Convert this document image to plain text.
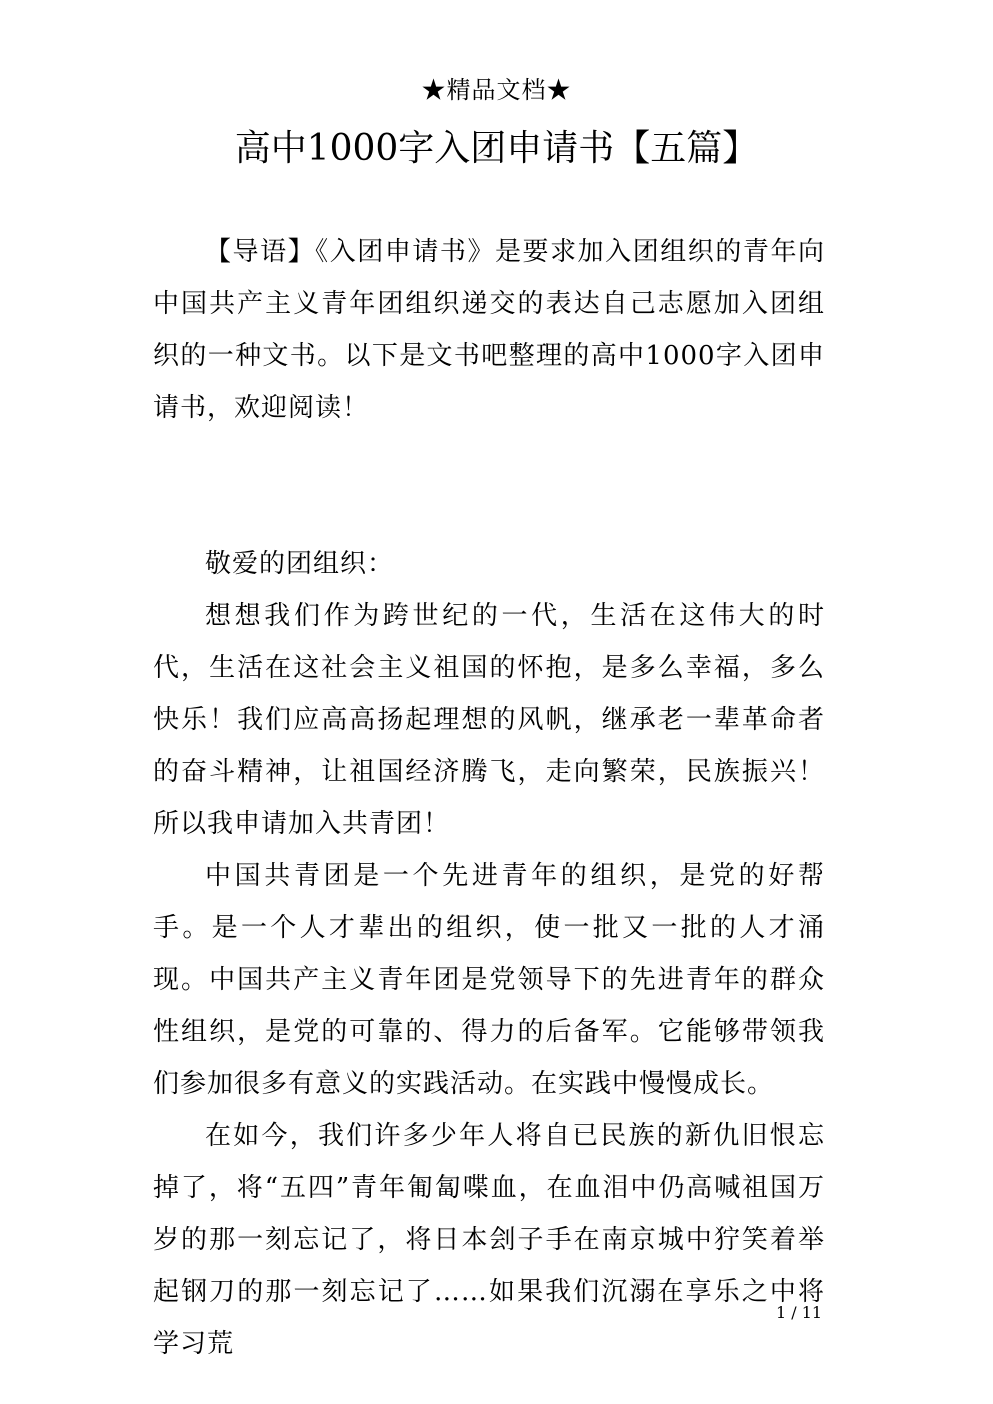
★精品文档★
高中1000字入团申请书【五篇】

【导语】《入团申请书》是要求加入团组织的青年向中国共产主义青年团组织递交的表达自己志愿加入团组织的一种文书。以下是文书吧整理的高中1000字入团申请书，欢迎阅读！

敬爱的团组织：

想想我们作为跨世纪的一代，生活在这伟大的时代，生活在这社会主义祖国的怀抱，是多么幸福，多么快乐！我们应高高扬起理想的风帆，继承老一辈革命者的奋斗精神，让祖国经济腾飞，走向繁荣，民族振兴！所以我申请加入共青团！

中国共青团是一个先进青年的组织，是党的好帮手。是一个人才辈出的组织，使一批又一批的人才涌现。中国共产主义青年团是党领导下的先进青年的群众性组织，是党的可靠的、得力的后备军。它能够带领我们参加很多有意义的实践活动。在实践中慢慢成长。

在如今，我们许多少年人将自已民族的新仇旧恨忘掉了，将“五四”青年匍匐喋血，在血泪中仍高喊祖国万岁的那一刻忘记了，将日本刽子手在南京城中狞笑着举起钢刀的那一刻忘记了……如果我们沉溺在享乐之中将学习荒

1 / 11
